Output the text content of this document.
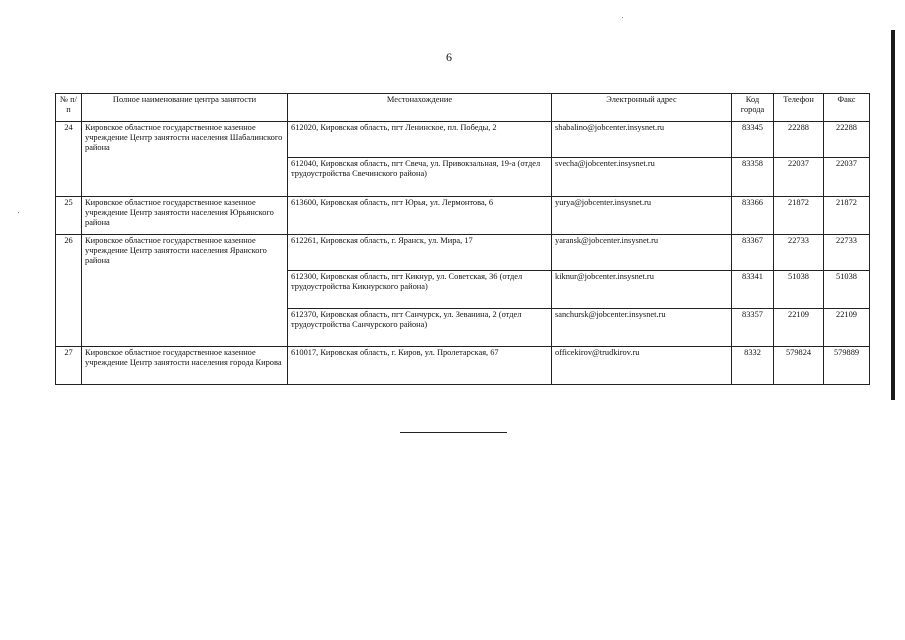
6
№ п/п	Полное наименование центра занятости	Местонахождение	Электронный адрес	Код города	Телефон	Факс
24	Кировское областное государственное казенное учреждение Центр занятости населения Шабалинского района	612020, Кировская область, пгт Ленинское, пл. Победы, 2	shabalino@jobcenter.insysnet.ru	83345	22288	22288
		612040, Кировская область, пгт Свеча, ул. Привокзальная, 19-а (отдел трудоустройства Свечинского района)	svecha@jobcenter.insysnet.ru	83358	22037	22037
25	Кировское областное государственное казенное учреждение Центр занятости населения Юрьянского района	613600, Кировская область, пгт Юрья, ул. Лермонтова, 6	yurya@jobcenter.insysnet.ru	83366	21872	21872
26	Кировское областное государственное казенное учреждение Центр занятости населения Яранского района	612261, Кировская область, г. Яранск, ул. Мира, 17	yaransk@jobcenter.insysnet.ru	83367	22733	22733
		612300, Кировская область, пгт Кикнур, ул. Советская, 36 (отдел трудоустройства Кикнурского района)	kiknur@jobcenter.insysnet.ru	83341	51038	51038
		612370, Кировская область, пгт Санчурск, ул. Зеванина, 2 (отдел трудоустройства Санчурского района)	sanchursk@jobcenter.insysnet.ru	83357	22109	22109
27	Кировское областное государственное казенное учреждение Центр занятости населения города Кирова	610017, Кировская область, г. Киров, ул. Пролетарская, 67	officekirov@trudkirov.ru	8332	579824	579889
